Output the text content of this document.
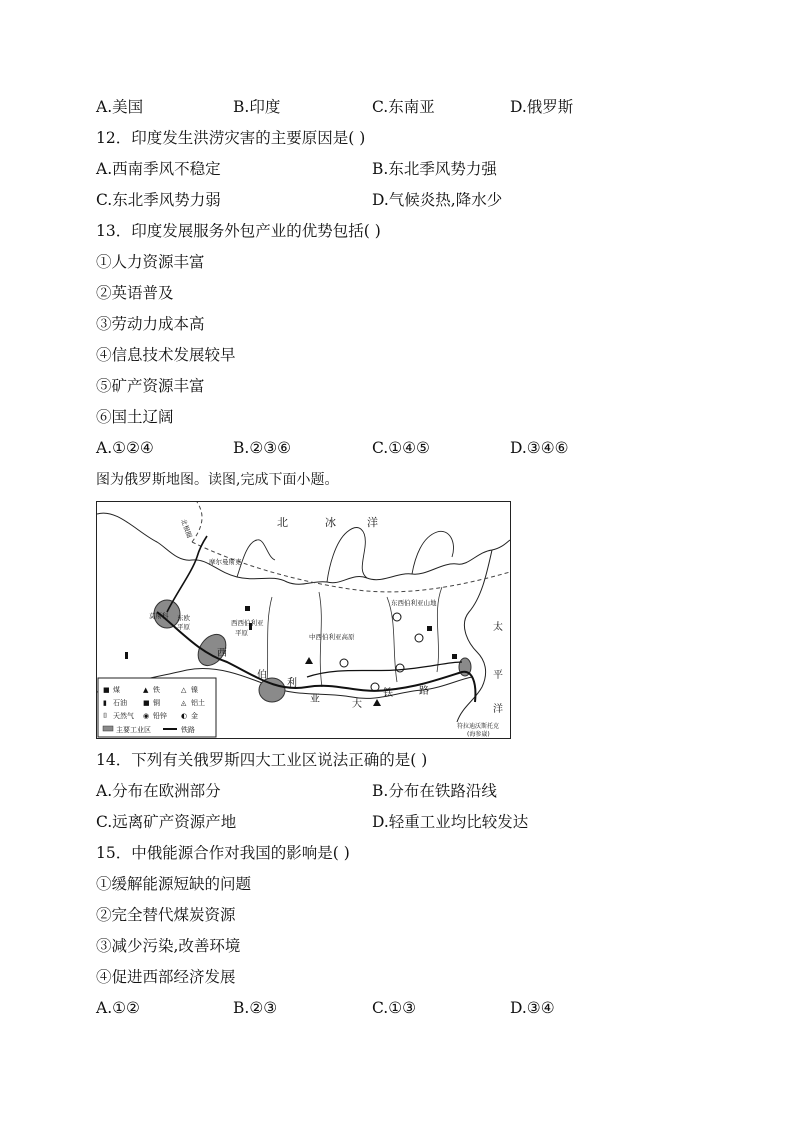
A.美国	B.印度	C.东南亚	D.俄罗斯
12．印度发生洪涝灾害的主要原因是( )
A.西南季风不稳定	B.东北季风势力强
C.东北季风势力弱	D.气候炎热,降水少
13．印度发展服务外包产业的优势包括( )
①人力资源丰富
②英语普及
③劳动力成本高
④信息技术发展较早
⑤矿产资源丰富
⑥国土辽阔
A.①②④	B.②③⑥	C.①④⑤	D.③④⑥
图为俄罗斯地图。读图,完成下面小题。
北	冰	洋
太
平
洋
西
伯
利
亚	大
铁	路
摩尔曼斯克
莫斯科 东欧
平原	西西伯利亚
平原	中西伯利亚高原
东西伯利亚山地
符拉迪沃斯托克
(海参崴)
北极圈
■ 煤	▲ 铁	△ 镍
▮ 石油 ■ 铜	◬ 铝土
⌷ 天然气 ◉ 铅锌 ◐ 金
主要工业区	铁路
14．下列有关俄罗斯四大工业区说法正确的是( )
A.分布在欧洲部分	B.分布在铁路沿线
C.远离矿产资源产地	D.轻重工业均比较发达
15．中俄能源合作对我国的影响是( )
①缓解能源短缺的问题
②完全替代煤炭资源
③减少污染,改善环境
④促进西部经济发展
A.①②	B.②③	C.①③	D.③④
